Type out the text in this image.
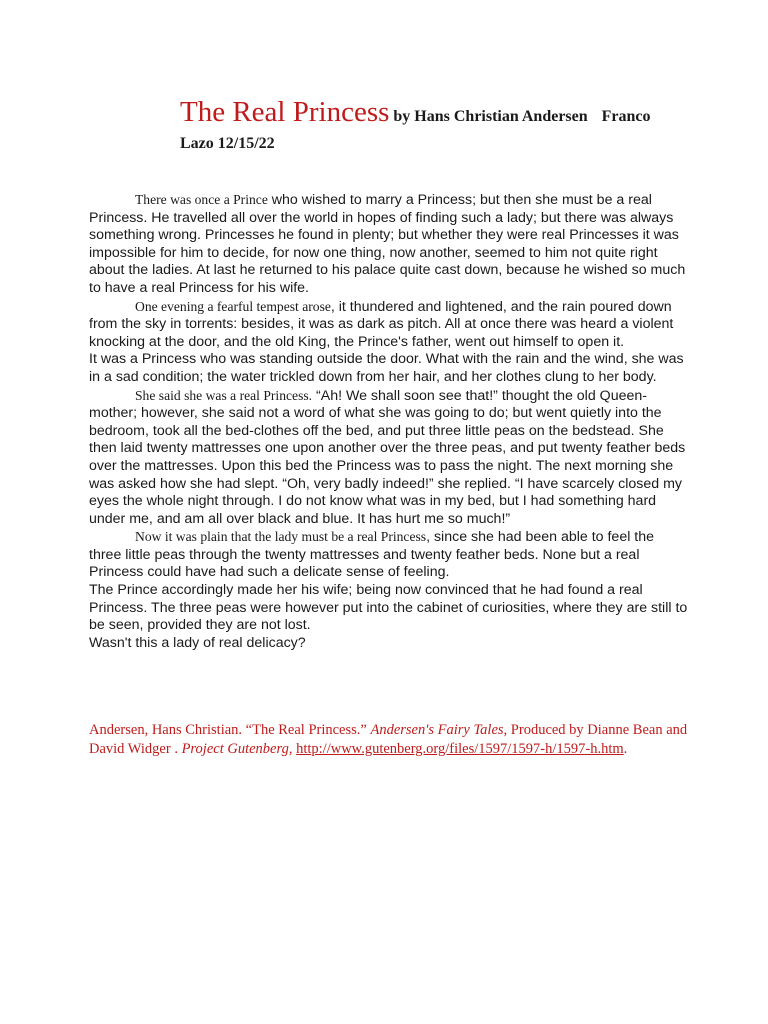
The Real Princess by Hans Christian Andersen Franco
Lazo 12/15/22

There was once a Prince who wished to marry a Princess; but then she must be a real Princess. He travelled all over the world in hopes of finding such a lady; but there was always something wrong. Princesses he found in plenty; but whether they were real Princesses it was impossible for him to decide, for now one thing, now another, seemed to him not quite right about the ladies. At last he returned to his palace quite cast down, because he wished so much to have a real Princess for his wife.

One evening a fearful tempest arose, it thundered and lightened, and the rain poured down from the sky in torrents: besides, it was as dark as pitch. All at once there was heard a violent knocking at the door, and the old King, the Prince's father, went out himself to open it.

It was a Princess who was standing outside the door. What with the rain and the wind, she was in a sad condition; the water trickled down from her hair, and her clothes clung to her body.

She said she was a real Princess. “Ah! We shall soon see that!” thought the old Queen-mother; however, she said not a word of what she was going to do; but went quietly into the bedroom, took all the bed-clothes off the bed, and put three little peas on the bedstead. She then laid twenty mattresses one upon another over the three peas, and put twenty feather beds over the mattresses. Upon this bed the Princess was to pass the night. The next morning she was asked how she had slept. “Oh, very badly indeed!” she replied. “I have scarcely closed my eyes the whole night through. I do not know what was in my bed, but I had something hard under me, and am all over black and blue. It has hurt me so much!”

Now it was plain that the lady must be a real Princess, since she had been able to feel the three little peas through the twenty mattresses and twenty feather beds. None but a real Princess could have had such a delicate sense of feeling.

The Prince accordingly made her his wife; being now convinced that he had found a real Princess. The three peas were however put into the cabinet of curiosities, where they are still to be seen, provided they are not lost.

Wasn't this a lady of real delicacy?

Andersen, Hans Christian. “The Real Princess.” Andersen's Fairy Tales, Produced by Dianne Bean and David Widger . Project Gutenberg, http://www.gutenberg.org/files/1597/1597-h/1597-h.htm.
